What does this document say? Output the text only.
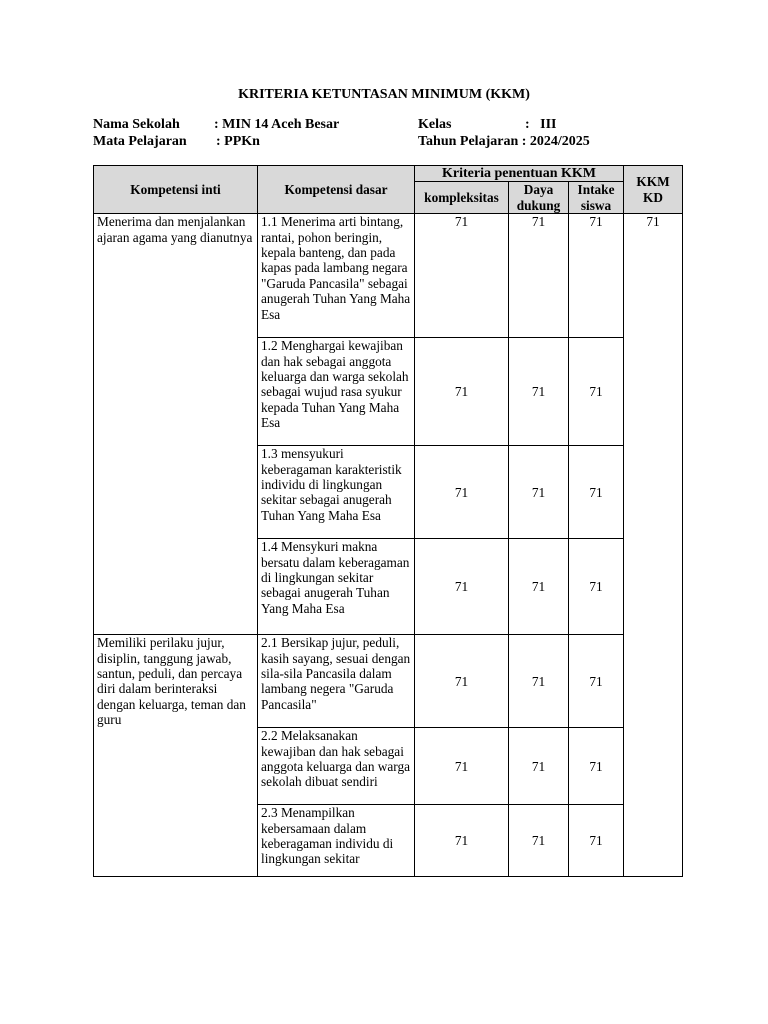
KRITERIA KETUNTASAN MINIMUM (KKM)
Nama Sekolah : MIN 14 Aceh Besar
Mata Pelajaran : PPKn
Kelas	:   III
Tahun Pelajaran : 2024/2025
Kompetensi inti	Kompetensi dasar	Kriteria penentuan KKM			KKM KD
		kompleksitas	Daya dukung	Intake siswa	
Menerima dan menjalankan ajaran agama yang dianutnya	1.1 Menerima arti bintang, rantai, pohon beringin, kepala banteng, dan pada kapas pada lambang negara "Garuda Pancasila" sebagai anugerah Tuhan Yang Maha Esa	71	71	71	71
	1.2 Menghargai kewajiban dan hak sebagai anggota keluarga dan warga sekolah sebagai wujud rasa syukur kepada Tuhan Yang Maha Esa	71	71	71	
	1.3 mensyukuri keberagaman karakteristik individu di lingkungan sekitar sebagai anugerah Tuhan Yang Maha Esa	71	71	71	
	1.4 Mensykuri makna bersatu dalam keberagaman di lingkungan sekitar sebagai anugerah Tuhan Yang Maha Esa	71	71	71	
Memiliki perilaku jujur, disiplin, tanggung jawab, santun, peduli, dan percaya diri dalam berinteraksi dengan keluarga, teman dan guru	2.1 Bersikap jujur, peduli, kasih sayang, sesuai dengan sila-sila Pancasila dalam lambang negera "Garuda Pancasila"	71	71	71	
	2.2 Melaksanakan kewajiban dan hak sebagai anggota keluarga dan warga sekolah dibuat sendiri	71	71	71	
	2.3 Menampilkan kebersamaan dalam keberagaman individu di lingkungan sekitar	71	71	71	
